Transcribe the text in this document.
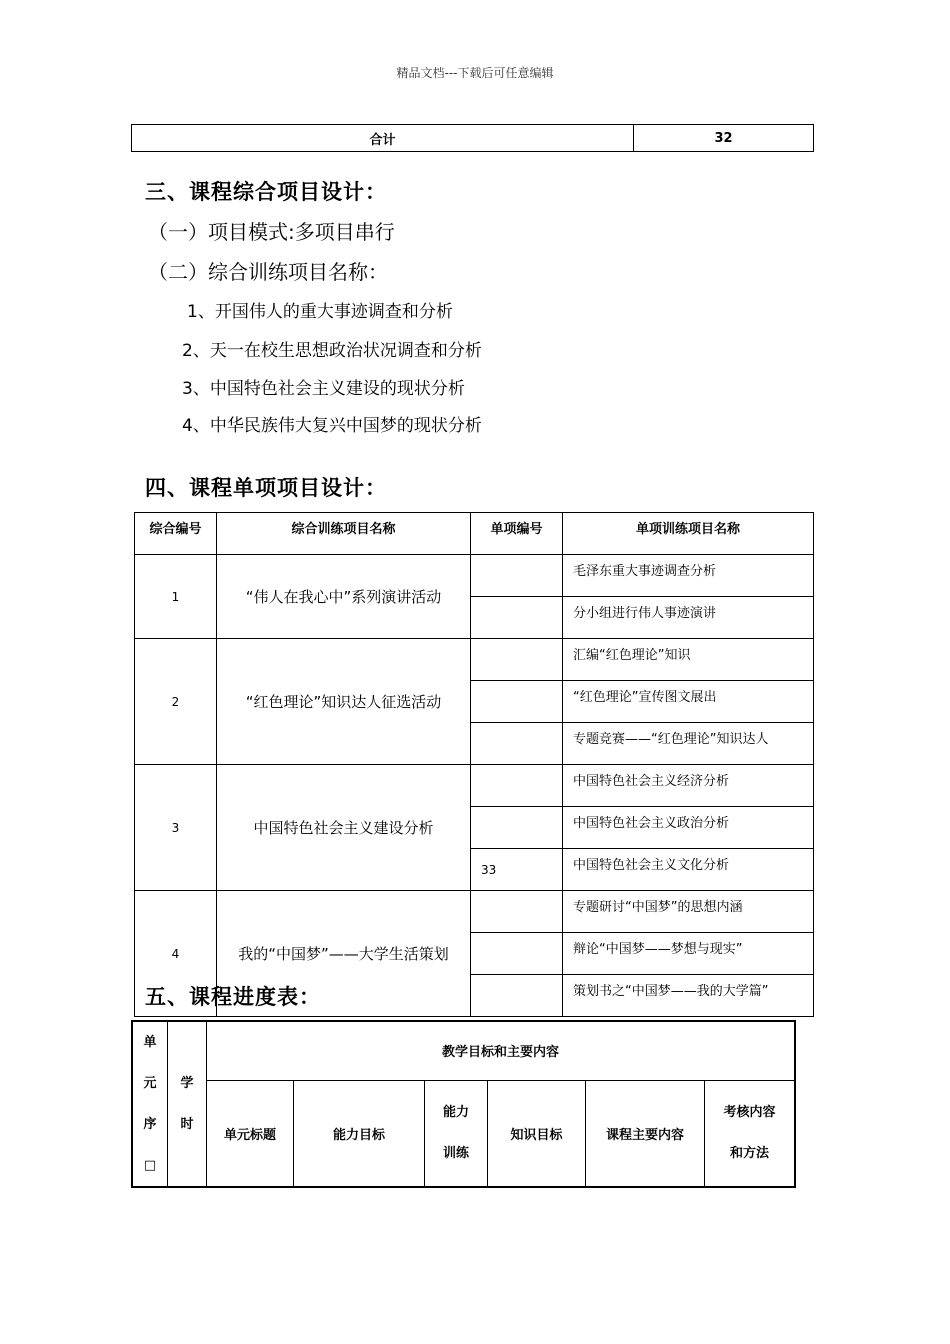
精品文档---下载后可任意编辑
合计	32
三、课程综合项目设计：
（一）项目模式:多项目串行
（二）综合训练项目名称：
1、开国伟人的重大事迹调查和分析
2、天一在校生思想政治状况调查和分析
3、中国特色社会主义建设的现状分析
4、中华民族伟大复兴中国梦的现状分析
四、课程单项项目设计：
综合编号	综合训练项目名称	单项编号	单项训练项目名称
1	“伟人在我心中”系列演讲活动		毛泽东重大事迹调查分析
			分小组进行伟人事迹演讲
2	“红色理论”知识达人征选活动		汇编“红色理论”知识
			“红色理论”宣传图文展出
			专题竞赛——“红色理论”知识达人
3	中国特色社会主义建设分析		中国特色社会主义经济分析
			中国特色社会主义政治分析
		33	中国特色社会主义文化分析
4	我的“中国梦”——大学生活策划		专题研讨“中国梦”的思想内涵
			辩论“中国梦——梦想与现实”
			策划书之“中国梦——我的大学篇”
五、课程进度表：
单元序□	学时	教学目标和主要内容					
		单元标题	能力目标	能力训练	知识目标	课程主要内容	考核内容和方法
